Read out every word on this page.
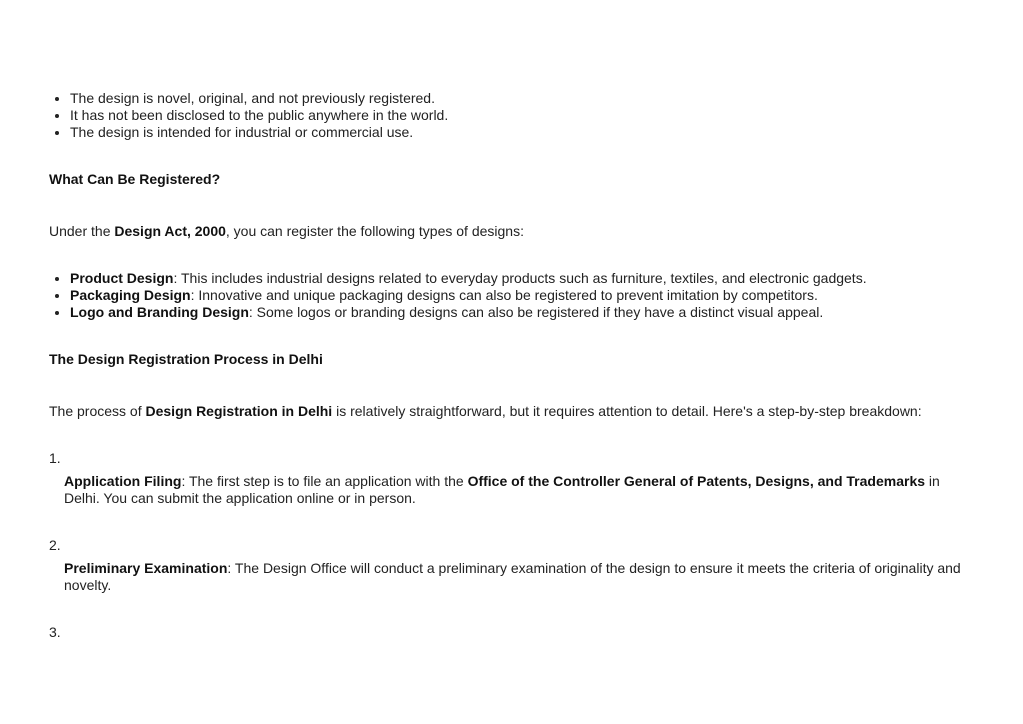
• The design is novel, original, and not previously registered.
• It has not been disclosed to the public anywhere in the world.
• The design is intended for industrial or commercial use.
What Can Be Registered?

Under the Design Act, 2000, you can register the following types of designs:

• Product Design: This includes industrial designs related to everyday products such as furniture, textiles, and electronic gadgets.
• Packaging Design: Innovative and unique packaging designs can also be registered to prevent imitation by competitors.
• Logo and Branding Design: Some logos or branding designs can also be registered if they have a distinct visual appeal.
The Design Registration Process in Delhi

The process of Design Registration in Delhi is relatively straightforward, but it requires attention to detail. Here's a step-by-step breakdown:

1.
Application Filing: The first step is to file an application with the Office of the Controller General of Patents, Designs, and Trademarks in Delhi. You can submit the application online or in person.
2.
Preliminary Examination: The Design Office will conduct a preliminary examination of the design to ensure it meets the criteria of originality and novelty.
3.
